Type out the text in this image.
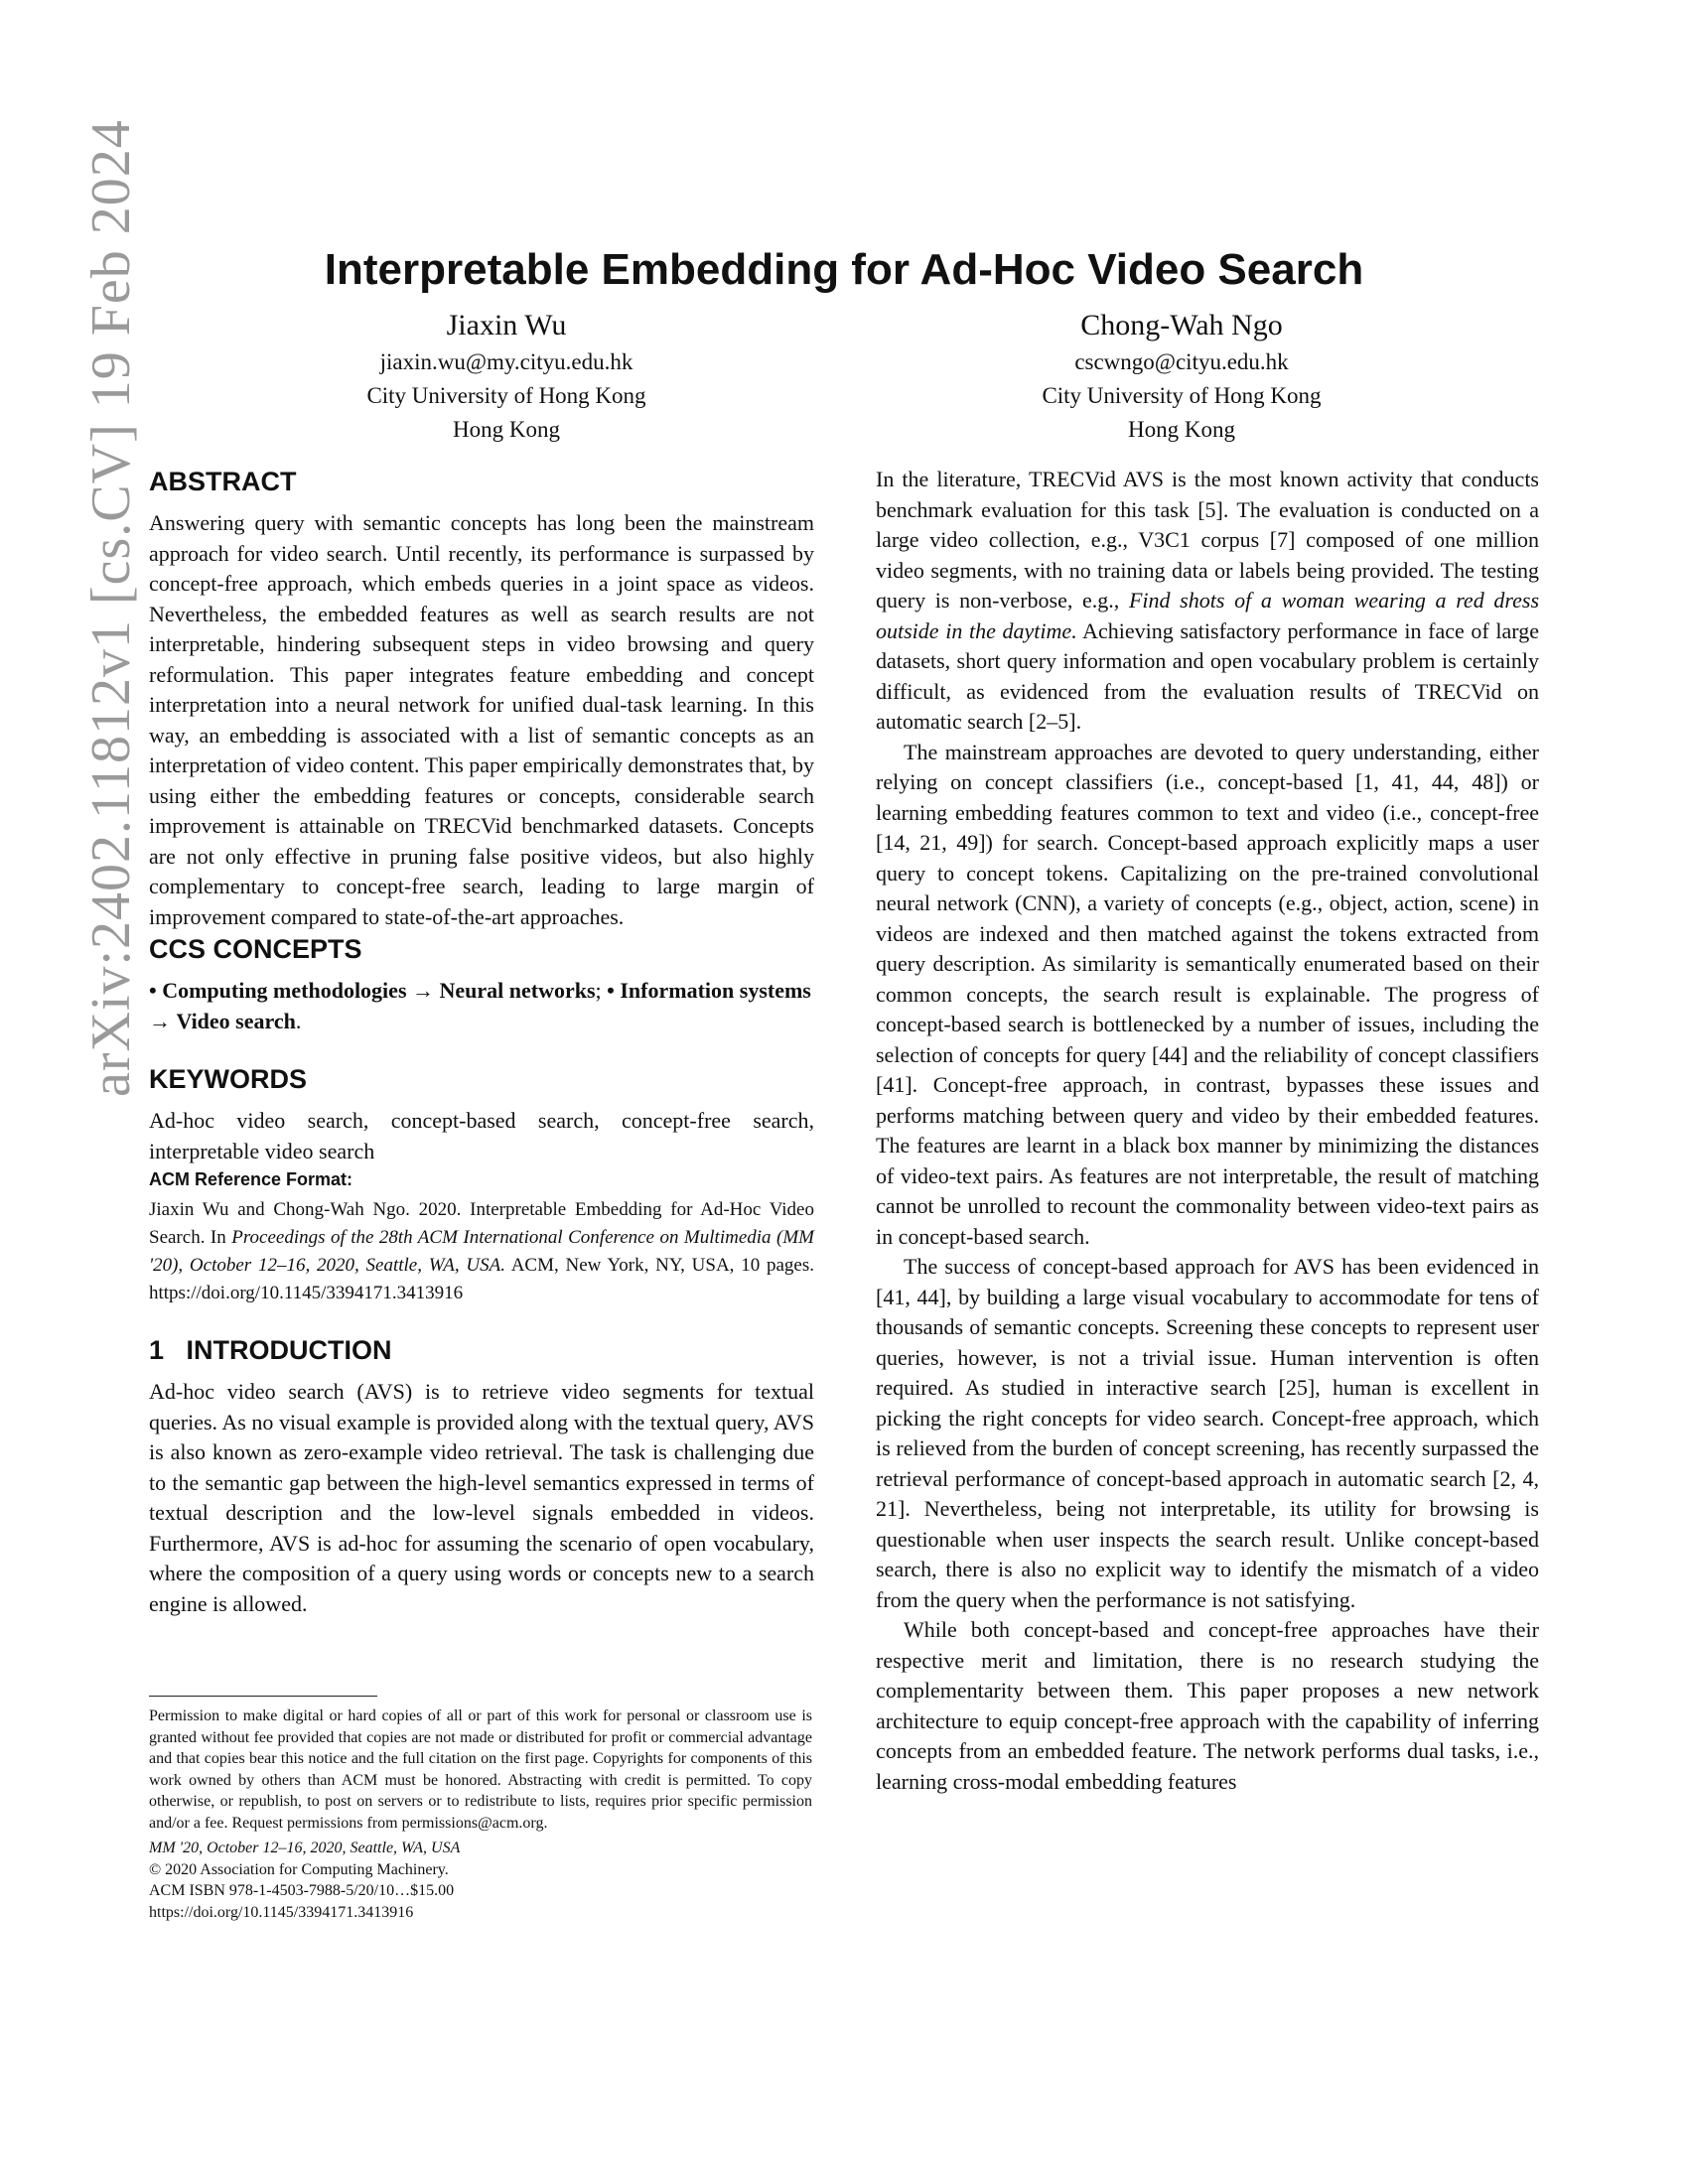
arXiv:2402.11812v1 [cs.CV] 19 Feb 2024	Interpretable Embedding for Ad-Hoc Video Search
Jiaxin Wu
jiaxin.wu@my.cityu.edu.hk
City University of Hong Kong
Hong Kong
Chong-Wah Ngo
cscwngo@cityu.edu.hk
City University of Hong Kong
Hong Kong
ABSTRACT

Answering query with semantic concepts has long been the mainstream approach for video search. Until recently, its performance is surpassed by concept-free approach, which embeds queries in a joint space as videos. Nevertheless, the embedded features as well as search results are not interpretable, hindering subsequent steps in video browsing and query reformulation. This paper integrates feature embedding and concept interpretation into a neural network for unified dual-task learning. In this way, an embedding is associated with a list of semantic concepts as an interpretation of video content. This paper empirically demonstrates that, by using either the embedding features or concepts, considerable search improvement is attainable on TRECVid benchmarked datasets. Concepts are not only effective in pruning false positive videos, but also highly complementary to concept-free search, leading to large margin of improvement compared to state-of-the-art approaches.

CCS CONCEPTS

• Computing methodologies → Neural networks; • Information systems → Video search.

KEYWORDS

Ad-hoc video search, concept-based search, concept-free search, interpretable video search

ACM Reference Format:

Jiaxin Wu and Chong-Wah Ngo. 2020. Interpretable Embedding for Ad-Hoc Video Search. In Proceedings of the 28th ACM International Conference on Multimedia (MM '20), October 12–16, 2020, Seattle, WA, USA. ACM, New York, NY, USA, 10 pages. https://doi.org/10.1145/3394171.3413916

1   INTRODUCTION

Ad-hoc video search (AVS) is to retrieve video segments for textual queries. As no visual example is provided along with the textual query, AVS is also known as zero-example video retrieval. The task is challenging due to the semantic gap between the high-level semantics expressed in terms of textual description and the low-level signals embedded in videos. Furthermore, AVS is ad-hoc for assuming the scenario of open vocabulary, where the composition of a query using words or concepts new to a search engine is allowed.

Permission to make digital or hard copies of all or part of this work for personal or classroom use is granted without fee provided that copies are not made or distributed for profit or commercial advantage and that copies bear this notice and the full citation on the first page. Copyrights for components of this work owned by others than ACM must be honored. Abstracting with credit is permitted. To copy otherwise, or republish, to post on servers or to redistribute to lists, requires prior specific permission and/or a fee. Request permissions from permissions@acm.org.

MM '20, October 12–16, 2020, Seattle, WA, USA

© 2020 Association for Computing Machinery.

ACM ISBN 978-1-4503-7988-5/20/10…$15.00

https://doi.org/10.1145/3394171.3413916

In the literature, TRECVid AVS is the most known activity that conducts benchmark evaluation for this task [5]. The evaluation is conducted on a large video collection, e.g., V3C1 corpus [7] composed of one million video segments, with no training data or labels being provided. The testing query is non-verbose, e.g., Find shots of a woman wearing a red dress outside in the daytime. Achieving satisfactory performance in face of large datasets, short query information and open vocabulary problem is certainly difficult, as evidenced from the evaluation results of TRECVid on automatic search [2–5].

The mainstream approaches are devoted to query understanding, either relying on concept classifiers (i.e., concept-based [1, 41, 44, 48]) or learning embedding features common to text and video (i.e., concept-free [14, 21, 49]) for search. Concept-based approach explicitly maps a user query to concept tokens. Capitalizing on the pre-trained convolutional neural network (CNN), a variety of concepts (e.g., object, action, scene) in videos are indexed and then matched against the tokens extracted from query description. As similarity is semantically enumerated based on their common concepts, the search result is explainable. The progress of concept-based search is bottlenecked by a number of issues, including the selection of concepts for query [44] and the reliability of concept classifiers [41]. Concept-free approach, in contrast, bypasses these issues and performs matching between query and video by their embedded features. The features are learnt in a black box manner by minimizing the distances of video-text pairs. As features are not interpretable, the result of matching cannot be unrolled to recount the commonality between video-text pairs as in concept-based search.

The success of concept-based approach for AVS has been evidenced in [41, 44], by building a large visual vocabulary to accommodate for tens of thousands of semantic concepts. Screening these concepts to represent user queries, however, is not a trivial issue. Human intervention is often required. As studied in interactive search [25], human is excellent in picking the right concepts for video search. Concept-free approach, which is relieved from the burden of concept screening, has recently surpassed the retrieval performance of concept-based approach in automatic search [2, 4, 21]. Nevertheless, being not interpretable, its utility for browsing is questionable when user inspects the search result. Unlike concept-based search, there is also no explicit way to identify the mismatch of a video from the query when the performance is not satisfying.

While both concept-based and concept-free approaches have their respective merit and limitation, there is no research studying the complementarity between them. This paper proposes a new network architecture to equip concept-free approach with the capability of inferring concepts from an embedded feature. The network performs dual tasks, i.e., learning cross-modal embedding features
